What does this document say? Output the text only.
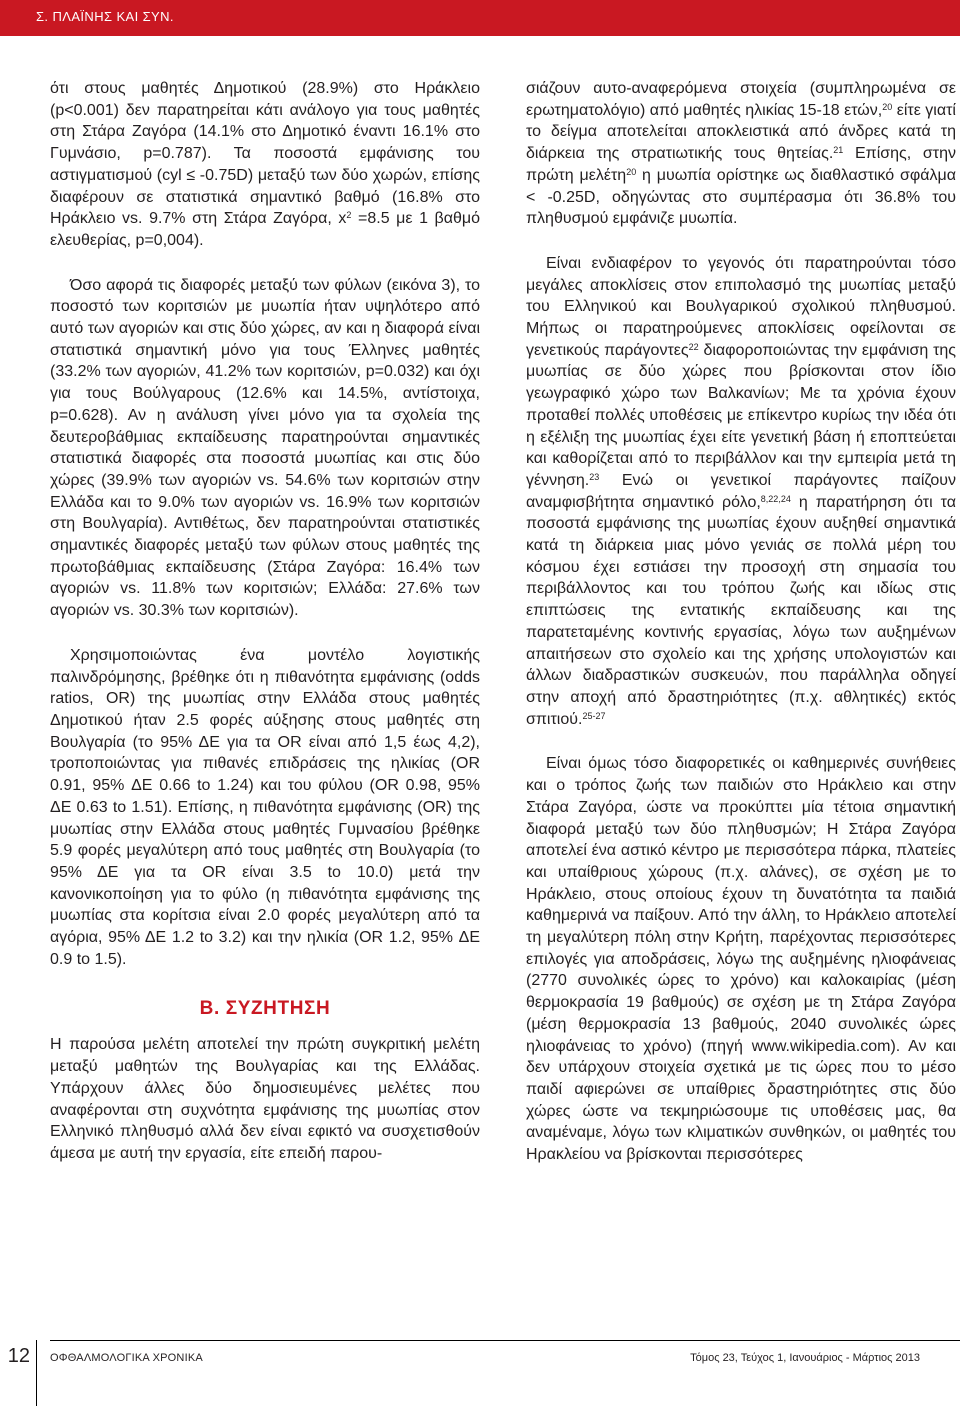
Σ. ΠΛΑΪΝΗΣ ΚΑΙ ΣΥΝ.

ότι στους μαθητές Δημοτικού (28.9%) στο Ηράκλειο (p<0.001) δεν παρατηρείται κάτι ανάλογο για τους μαθητές στη Στάρα Ζαγόρα (14.1% στο Δημοτικό έναντι 16.1% στο Γυμνάσιο, p=0.787). Τα ποσοστά εμφάνισης του αστιγματισμού (cyl ≤ -0.75D) μεταξύ των δύο χωρών, επίσης διαφέρουν σε στατιστικά σημαντικό βαθμό (16.8% στο Ηράκλειο vs. 9.7% στη Στάρα Ζαγόρα, $x^2 =8.5$ με 1 βαθμό ελευθερίας, p=0,004).

Όσο αφορά τις διαφορές μεταξύ των φύλων (εικόνα 3), το ποσοστό των κοριτσιών με μυωπία ήταν υψηλότερο από αυτό των αγοριών και στις δύο χώρες, αν και η διαφορά είναι στατιστικά σημαντική μόνο για τους Έλληνες μαθητές (33.2% των αγοριών, 41.2% των κοριτσιών, p=0.032) και όχι για τους Βούλγαρους (12.6% και 14.5%, αντίστοιχα, p=0.628). Αν η ανάλυση γίνει μόνο για τα σχολεία της δευτεροβάθμιας εκπαίδευσης παρατηρούνται σημαντικές στατιστικά διαφορές στα ποσοστά μυωπίας και στις δύο χώρες (39.9% των αγοριών vs. 54.6% των κοριτσιών στην Ελλάδα και το 9.0% των αγοριών vs. 16.9% των κοριτσιών στη Βουλγαρία). Αντιθέτως, δεν παρατηρούνται στατιστικές σημαντικές διαφορές μεταξύ των φύλων στους μαθητές της πρωτοβάθμιας εκπαίδευσης (Στάρα Ζαγόρα: 16.4% των αγοριών vs. 11.8% των κοριτσιών; Ελλάδα: 27.6% των αγοριών vs. 30.3% των κοριτσιών).

Χρησιμοποιώντας ένα μοντέλο λογιστικής παλινδρόμησης, βρέθηκε ότι η πιθανότητα εμφάνισης (odds ratios, OR) της μυωπίας στην Ελλάδα στους μαθητές Δημοτικού ήταν 2.5 φορές αύξησης στους μαθητές στη Βουλγαρία (το 95% ΔΕ για τα OR είναι από 1,5 έως 4,2), τροποποιώντας για πιθανές επιδράσεις της ηλικίας (OR 0.91, 95% ΔΕ 0.66 to 1.24) και του φύλου (OR 0.98, 95% ΔΕ 0.63 to 1.51). Επίσης, η πιθανότητα εμφάνισης (OR) της μυωπίας στην Ελλάδα στους μαθητές Γυμνασίου βρέθηκε 5.9 φορές μεγαλύτερη από τους μαθητές στη Βουλγαρία (το 95% ΔΕ για τα OR είναι 3.5 to 10.0) μετά την κανονικοποίηση για το φύλο (η πιθανότητα εμφάνισης της μυωπίας στα κορίτσια είναι 2.0 φορές μεγαλύτερη από τα αγόρια, 95% ΔΕ 1.2 to 3.2) και την ηλικία (OR 1.2, 95% ΔΕ 0.9 to 1.5).

Β. ΣΥΖΗΤΗΣΗ

Η παρούσα μελέτη αποτελεί την πρώτη συγκριτική μελέτη μεταξύ μαθητών της Βουλγαρίας και της Ελλάδας. Υπάρχουν άλλες δύο δημοσιευμένες μελέτες που αναφέρονται στη συχνότητα εμφάνισης της μυωπίας στον Ελληνικό πληθυσμό αλλά δεν είναι εφικτό να συσχετισθούν άμεσα με αυτή την εργασία, είτε επειδή παρου-

σιάζουν αυτο-αναφερόμενα στοιχεία (συμπληρωμένα σε ερωτηματολόγιο) από μαθητές ηλικίας 15-18 ετών,$^{20}$ είτε γιατί το δείγμα αποτελείται αποκλειστικά από άνδρες κατά τη διάρκεια της στρατιωτικής τους θητείας.$^{21}$ Επίσης, στην πρώτη μελέτη$^{20}$ η μυωπία ορίστηκε ως διαθλαστικό σφάλμα < -0.25D, οδηγώντας στο συμπέρασμα ότι 36.8% του πληθυσμού εμφάνιζε μυωπία.

Είναι ενδιαφέρον το γεγονός ότι παρατηρούνται τόσο μεγάλες αποκλίσεις στον επιπολασμό της μυωπίας μεταξύ του Ελληνικού και Βουλγαρικού σχολικού πληθυσμού. Μήπως οι παρατηρούμενες αποκλίσεις οφείλονται σε γενετικούς παράγοντες$^{22}$ διαφοροποιώντας την εμφάνιση της μυωπίας σε δύο χώρες που βρίσκονται στον ίδιο γεωγραφικό χώρο των Βαλκανίων; Με τα χρόνια έχουν προταθεί πολλές υποθέσεις με επίκεντρο κυρίως την ιδέα ότι η εξέλιξη της μυωπίας έχει είτε γενετική βάση ή εποπτεύεται και καθορίζεται από το περιβάλλον και την εμπειρία μετά τη γέννηση.$^{23}$ Ενώ οι γενετικοί παράγοντες παίζουν αναμφισβήτητα σημαντικό ρόλο,$^{8,22,24}$ η παρατήρηση ότι τα ποσοστά εμφάνισης της μυωπίας έχουν αυξηθεί σημαντικά κατά τη διάρκεια μιας μόνο γενιάς σε πολλά μέρη του κόσμου έχει εστιάσει την προσοχή στη σημασία του περιβάλλοντος και του τρόπου ζωής και ιδίως στις επιπτώσεις της εντατικής εκπαίδευσης και της παρατεταμένης κοντινής εργασίας, λόγω των αυξημένων απαιτήσεων στο σχολείο και της χρήσης υπολογιστών και άλλων διαδραστικών συσκευών, που παράλληλα οδηγεί στην αποχή από δραστηριότητες (π.χ. αθλητικές) εκτός σπιτιού.$^{25-27}$

Είναι όμως τόσο διαφορετικές οι καθημερινές συνήθειες και ο τρόπος ζωής των παιδιών στο Ηράκλειο και στην Στάρα Ζαγόρα, ώστε να προκύπτει μία τέτοια σημαντική διαφορά μεταξύ των δύο πληθυσμών; Η Στάρα Ζαγόρα αποτελεί ένα αστικό κέντρο με περισσότερα πάρκα, πλατείες και υπαίθριους χώρους (π.χ. αλάνες), σε σχέση με το Ηράκλειο, στους οποίους έχουν τη δυνατότητα τα παιδιά καθημερινά να παίξουν. Από την άλλη, το Ηράκλειο αποτελεί τη μεγαλύτερη πόλη στην Κρήτη, παρέχοντας περισσότερες επιλογές για αποδράσεις, λόγω της αυξημένης ηλιοφάνειας (2770 συνολικές ώρες το χρόνο) και καλοκαιρίας (μέση θερμοκρασία 19 βαθμούς) σε σχέση με τη Στάρα Ζαγόρα (μέση θερμοκρασία 13 βαθμούς, 2040 συνολικές ώρες ηλιοφάνειας το χρόνο) (πηγή www.wikipedia.com). Αν και δεν υπάρχουν στοιχεία σχετικά με τις ώρες που το μέσο παιδί αφιερώνει σε υπαίθριες δραστηριότητες στις δύο χώρες ώστε να τεκμηριώσουμε τις υποθέσεις μας, θα αναμέναμε, λόγω των κλιματικών συνθηκών, οι μαθητές του Ηρακλείου να βρίσκονται περισσότερες

12 ΟΦΘΑΛΜΟΛΟΓΙΚΑ ΧΡΟΝΙΚΑ	Τόμος 23, Τεύχος 1, Ιανουάριος - Μάρτιος 2013
